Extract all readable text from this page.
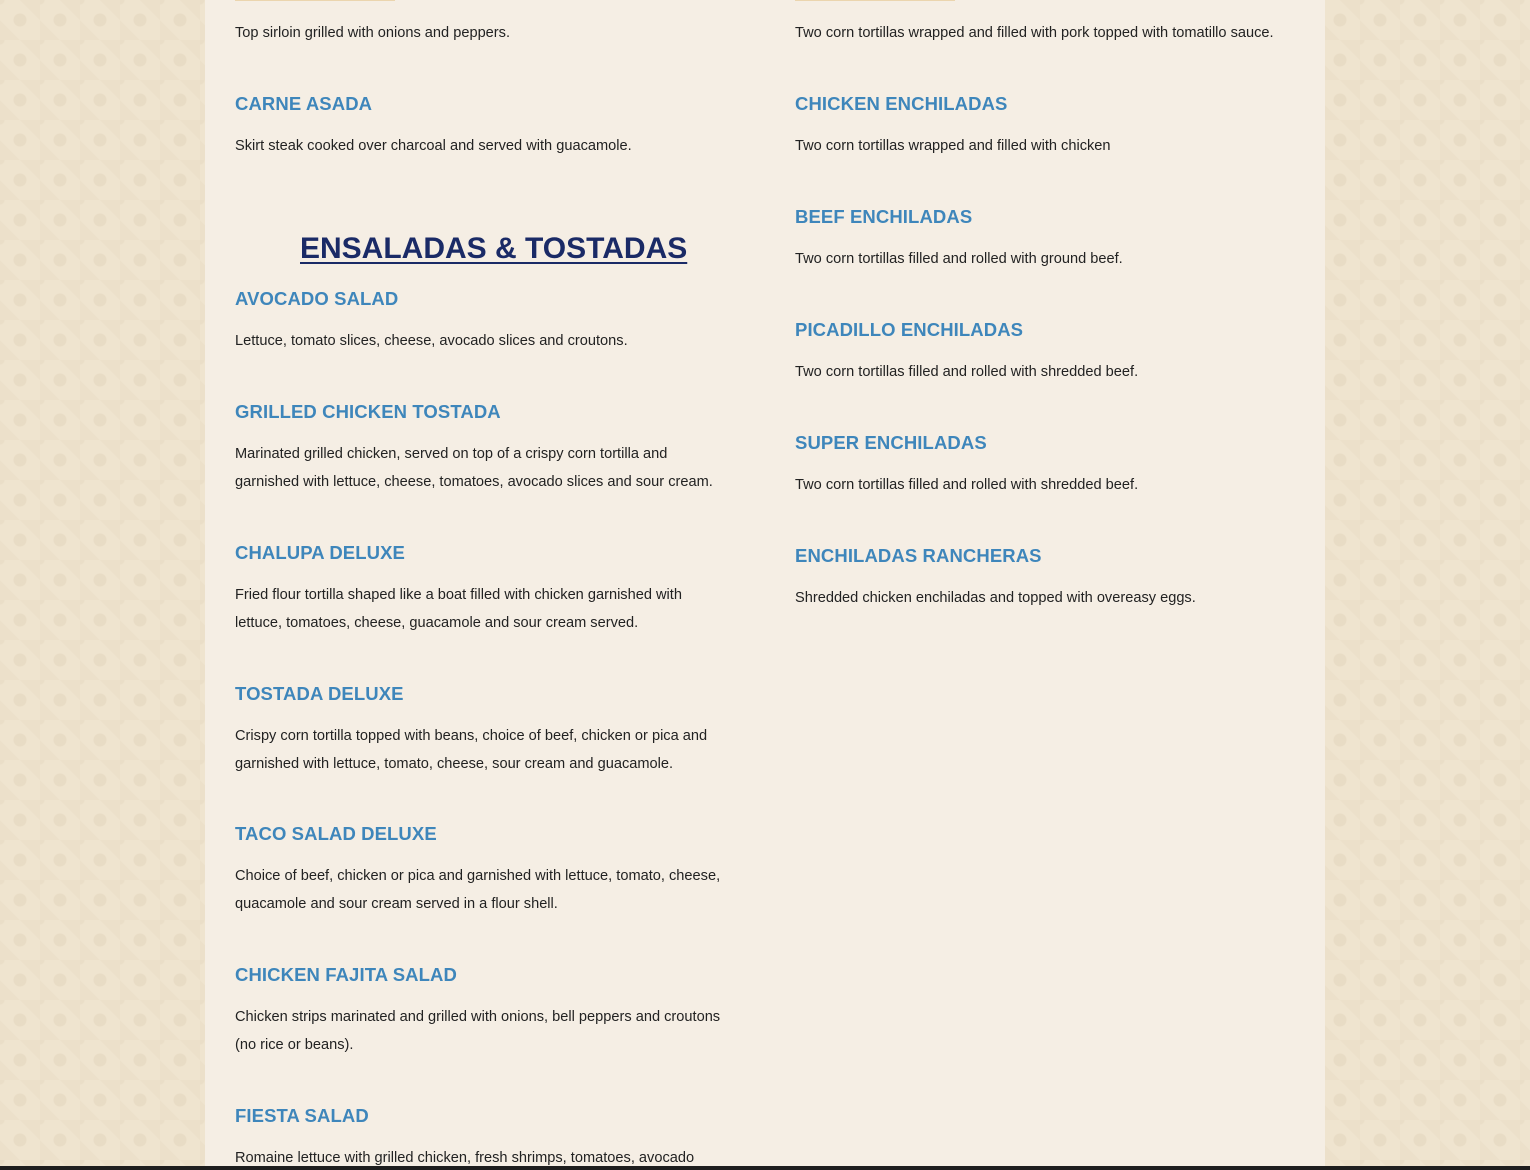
Top sirloin grilled with onions and peppers.

CARNE ASADA

Skirt steak cooked over charcoal and served with guacamole.

ENSALADAS & TOSTADAS
AVOCADO SALAD

Lettuce, tomato slices, cheese, avocado slices and croutons.

GRILLED CHICKEN TOSTADA

Marinated grilled chicken, served on top of a crispy corn tortilla and
garnished with lettuce, cheese, tomatoes, avocado slices and sour cream.

CHALUPA DELUXE

Fried flour tortilla shaped like a boat filled with chicken garnished with
lettuce, tomatoes, cheese, guacamole and sour cream served.

TOSTADA DELUXE

Crispy corn tortilla topped with beans, choice of beef, chicken or pica and
garnished with lettuce, tomato, cheese, sour cream and guacamole.

TACO SALAD DELUXE

Choice of beef, chicken or pica and garnished with lettuce, tomato, cheese,
quacamole and sour cream served in a flour shell.

CHICKEN FAJITA SALAD

Chicken strips marinated and grilled with onions, bell peppers and croutons
(no rice or beans).

FIESTA SALAD

Romaine lettuce with grilled chicken, fresh shrimps, tomatoes, avocado

Two corn tortillas wrapped and filled with pork topped with tomatillo sauce.

CHICKEN ENCHILADAS

Two corn tortillas wrapped and filled with chicken

BEEF ENCHILADAS

Two corn tortillas filled and rolled with ground beef.

PICADILLO ENCHILADAS

Two corn tortillas filled and rolled with shredded beef.

SUPER ENCHILADAS

Two corn tortillas filled and rolled with shredded beef.

ENCHILADAS RANCHERAS

Shredded chicken enchiladas and topped with overeasy eggs.
